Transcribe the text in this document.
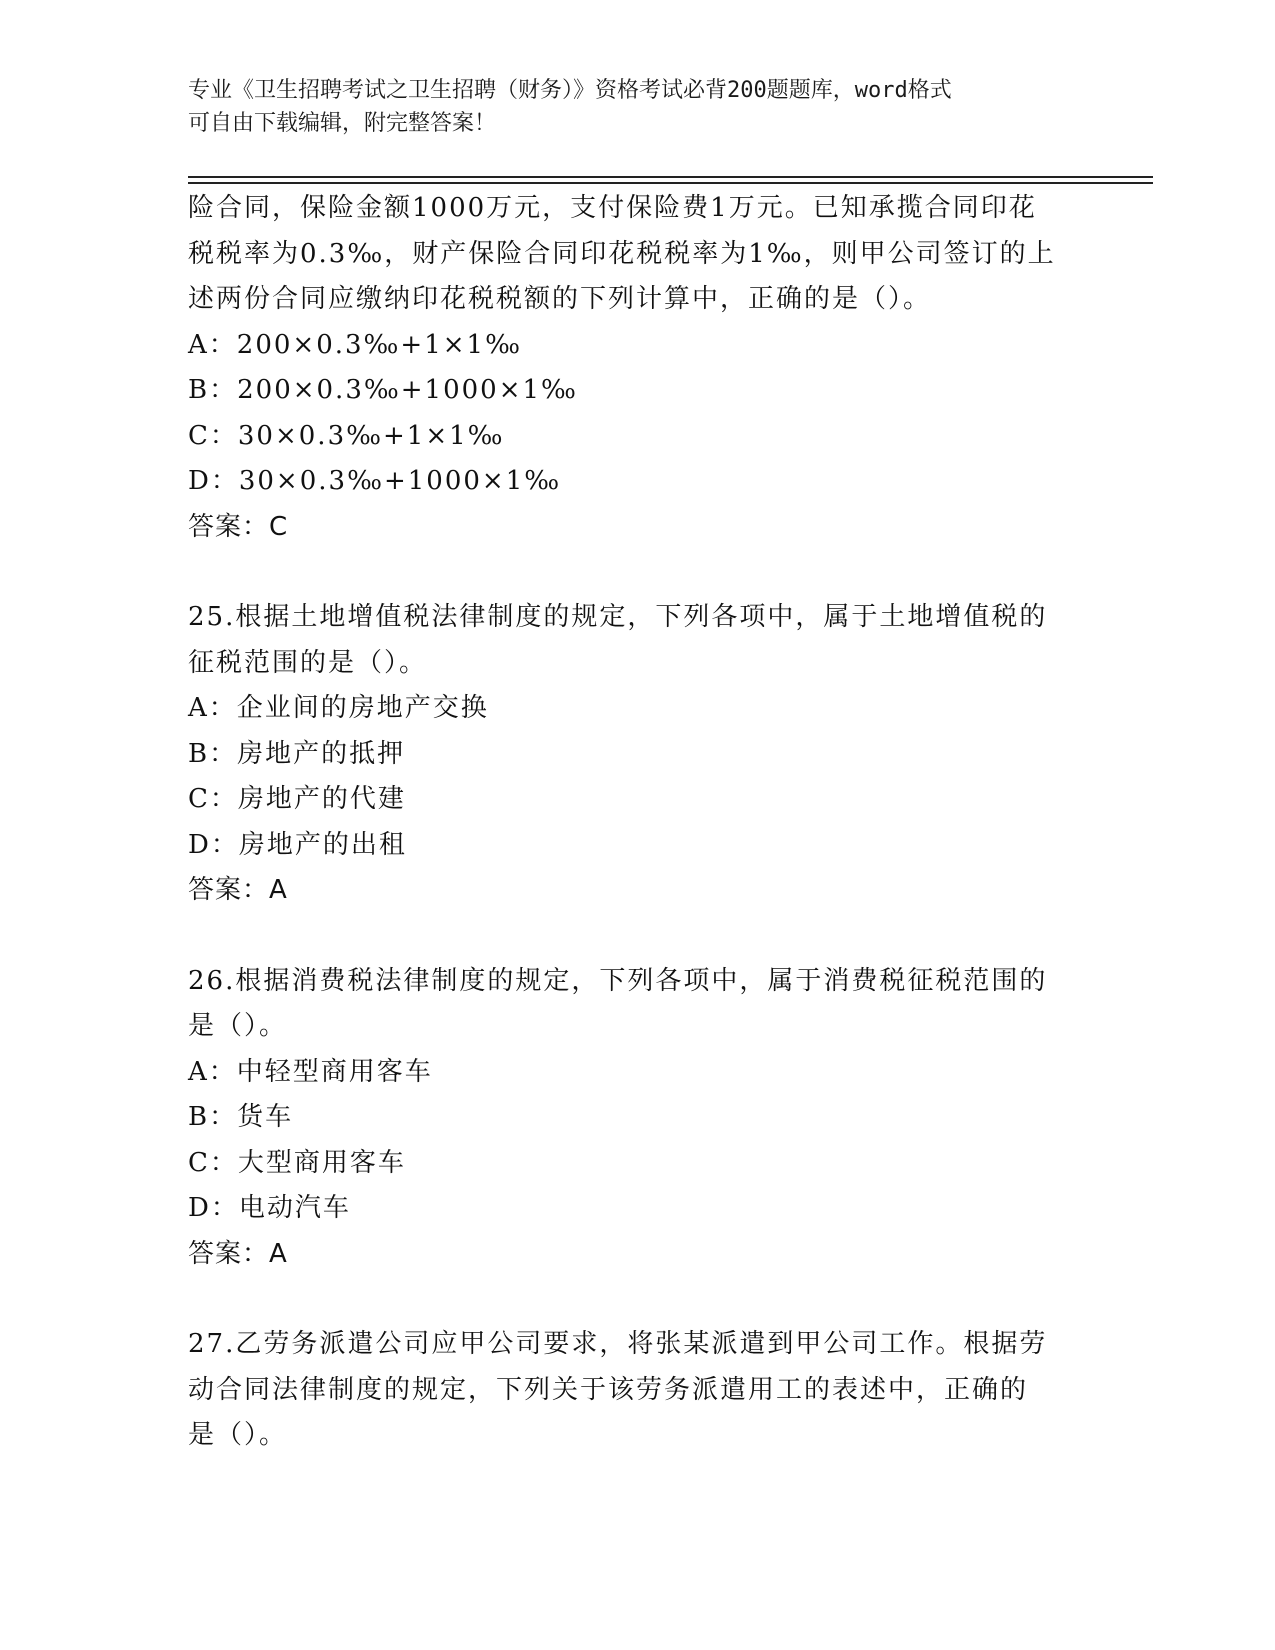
专业《卫生招聘考试之卫生招聘（财务）》资格考试必背200题题库，word格式
可自由下载编辑，附完整答案！

险合同，保险金额1000万元，支付保险费1万元。已知承揽合同印花

税税率为0.3‰，财产保险合同印花税税率为1‰，则甲公司签订的上

述两份合同应缴纳印花税税额的下列计算中，正确的是（）。

A：200×0.3‰+1×1‰

B：200×0.3‰+1000×1‰

C：30×0.3‰+1×1‰

D：30×0.3‰+1000×1‰

答案：C

25.根据土地增值税法律制度的规定，下列各项中，属于土地增值税的

征税范围的是（）。

A：企业间的房地产交换

B：房地产的抵押

C：房地产的代建

D：房地产的出租

答案：A

26.根据消费税法律制度的规定，下列各项中，属于消费税征税范围的

是（）。

A：中轻型商用客车

B：货车

C：大型商用客车

D：电动汽车

答案：A

27.乙劳务派遣公司应甲公司要求，将张某派遣到甲公司工作。根据劳

动合同法律制度的规定，下列关于该劳务派遣用工的表述中，正确的

是（）。
